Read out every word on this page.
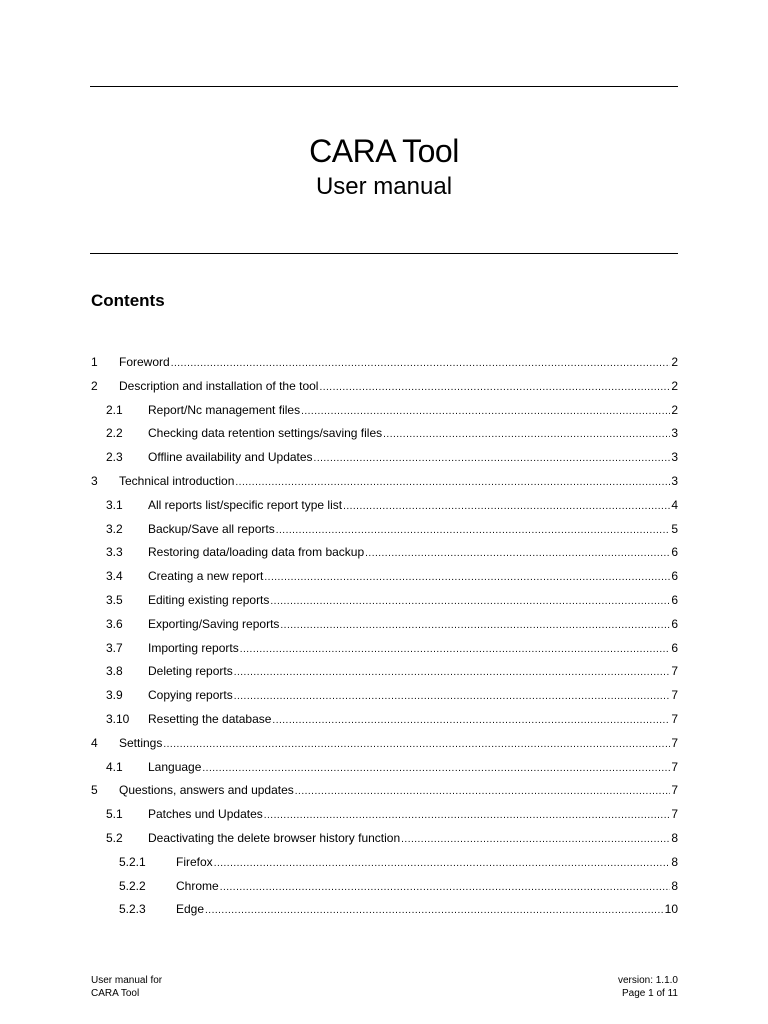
CARA Tool
User manual
Contents
1 Foreword .....	2
2 Description and installation of the tool .....	2
2.1 Report/Nc management files .....	2
2.2 Checking data retention settings/saving files .....	3
2.3 Offline availability and Updates .....	3
3 Technical introduction .....	3
3.1 All reports list/specific report type list .....	4
3.2 Backup/Save all reports .....	5
3.3 Restoring data/loading data from backup .....	6
3.4 Creating a new report .....	6
3.5 Editing existing reports .....	6
3.6 Exporting/Saving reports .....	6
3.7 Importing reports .....	6
3.8 Deleting reports .....	7
3.9 Copying reports .....	7
3.10 Resetting the database .....	7
4 Settings .....	7
4.1 Language .....	7
5 Questions, answers and updates .....	7
5.1 Patches und Updates .....	7
5.2 Deactivating the delete browser history function .....	8
5.2.1	Firefox .....	8
5.2.2	Chrome .....	8
5.2.3	Edge .....	10
User manual for
CARA Tool
version: 1.1.0
Page 1 of 11
